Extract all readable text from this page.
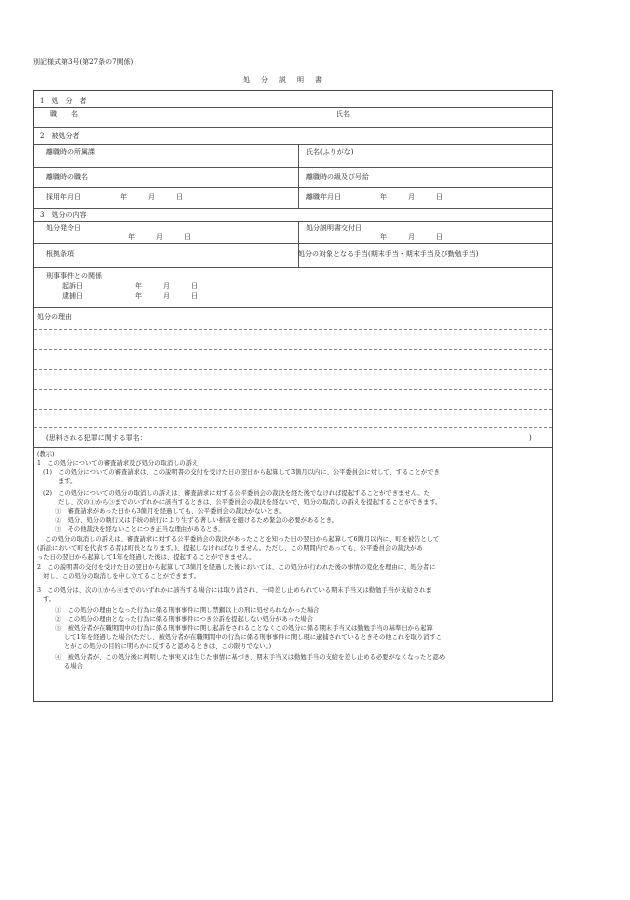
別記様式第3号(第27条の7関係)
処　分　説　明　書
1　処　分　者
職　　名	氏名
2　被処分者
離職時の所属課	氏名(ふりがな)
離職時の職名	離職時の級及び号給
採用年月日	年　　　月　　　日	離職年月日	年　　　月　　　日
3　処分の内容
処分発令日
年　　　月　　　日
処分説明書交付日
年　　　月　　　日
根拠条項	処分の対象となる手当(期末手当・期末手当及び勤勉手当)
刑事事件との関係
起訴日	年　　　月　　　日
逮捕日	年　　　月　　　日
処分の理由
(思料される犯罪に関する罪名：	)
(教示)
1　この処分についての審査請求及び処分の取消しの訴え
(1)　この処分についての審査請求は、この説明書の交付を受けた日の翌日から起算して3箇月以内に、公平委員会に対して、することができ
ます。
(2)　この処分についての処分の取消しの訴えは、審査請求に対する公平委員会の裁決を経た後でなければ提起することができません。た
だし、次の①から③までのいずれかに該当するときは、公平委員会の裁決を経ないで、処分の取消しの訴えを提起することができます。
①　審査請求があった日から3箇月を経過しても、公平委員会の裁決がないとき。
②　処分、処分の執行又は手続の続行により生ずる著しい損害を避けるため緊急の必要があるとき。
③　その他裁決を経ないことにつき正当な理由があるとき。
この処分の取消しの訴えは、審査請求に対する公平委員会の裁決があったことを知った日の翌日から起算して6箇月以内に、町を被告として
(訴訟において町を代表する者は町長となります。)、提起しなければなりません。ただし、この期間内であっても、公平委員会の裁決があ
った日の翌日から起算して1年を経過した後は、提起することができません。
2　この説明書の交付を受けた日の翌日から起算して3箇月を経過した後においては、この処分が行われた後の事情の変化を理由に、処分者に
対し、この処分の取消しを申し立てることができます。
3　この処分は、次の①から④までのいずれかに該当する場合には取り消され、一時差し止められている期末手当又は勤勉手当が支給されま
す。
①　この処分の理由となった行為に係る刑事事件に関し禁錮以上の刑に処せられなかった場合
②　この処分の理由となった行為に係る刑事事件につき公訴を提起しない処分があった場合
③　被処分者が在職期間中の行為に係る刑事事件に関し起訴をされることなくこの処分に係る期末手当又は勤勉手当の基準日から起算
して1年を経過した場合(ただし、被処分者が在職期間中の行為に係る刑事事件に関し現に逮捕されているときその他これを取り消すこ
とがこの処分の目的に明らかに反すると認めるときは、この限りでない。)
④　被処分者が、この処分後に判明した事実又は生じた事情に基づき、期末手当又は勤勉手当の支給を差し止める必要がなくなったと認め
る場合
